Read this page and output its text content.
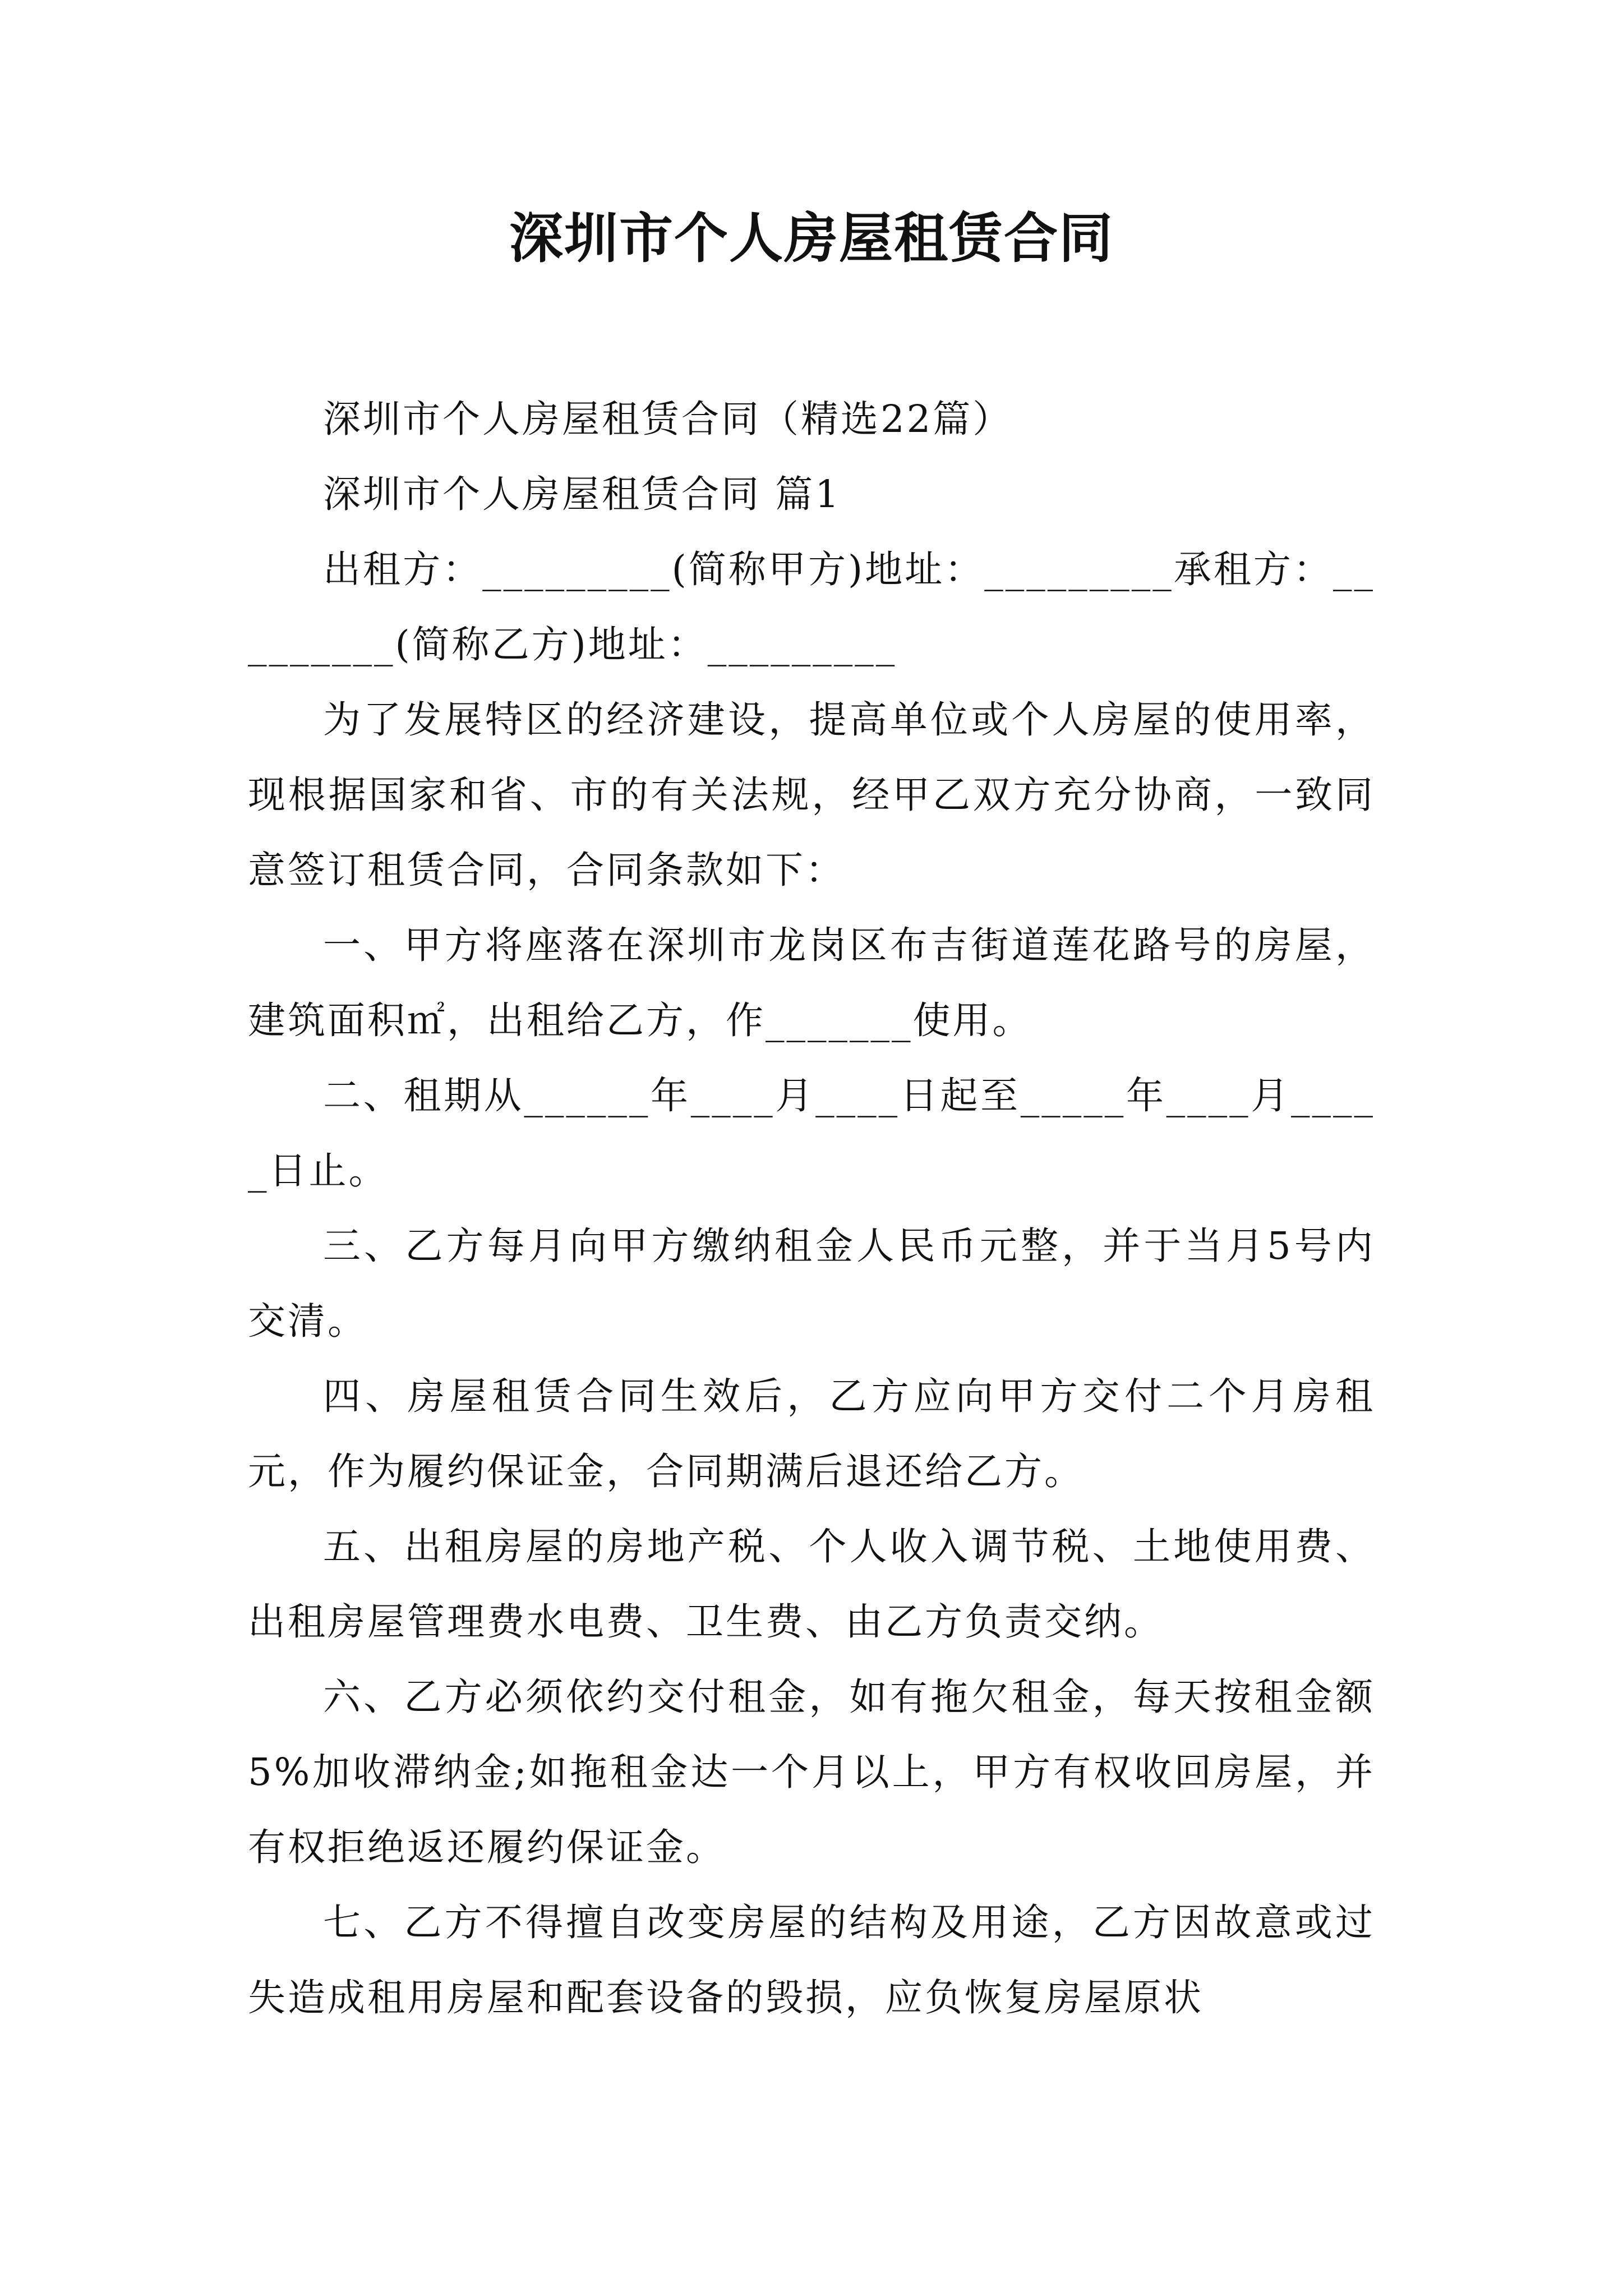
深圳市个人房屋租赁合同

深圳市个人房屋租赁合同（精选22篇）

深圳市个人房屋租赁合同 篇1

出租方：_________(简称甲方)地址：_________承租方：_________(简称乙方)地址：_________

为了发展特区的经济建设，提高单位或个人房屋的使用率，现根据国家和省、市的有关法规，经甲乙双方充分协商，一致同意签订租赁合同，合同条款如下：

一、甲方将座落在深圳市龙岗区布吉街道莲花路号的房屋，建筑面积㎡，出租给乙方，作_______使用。

二、租期从______年____月____日起至_____年____月_____日止。

三、乙方每月向甲方缴纳租金人民币元整，并于当月5号内交清。

四、房屋租赁合同生效后，乙方应向甲方交付二个月房租元，作为履约保证金，合同期满后退还给乙方。

五、出租房屋的房地产税、个人收入调节税、土地使用费、出租房屋管理费水电费、卫生费、由乙方负责交纳。

六、乙方必须依约交付租金，如有拖欠租金，每天按租金额5%加收滞纳金;如拖租金达一个月以上，甲方有权收回房屋，并有权拒绝返还履约保证金。

七、乙方不得擅自改变房屋的结构及用途，乙方因故意或过失造成租用房屋和配套设备的毁损，应负恢复房屋原状
